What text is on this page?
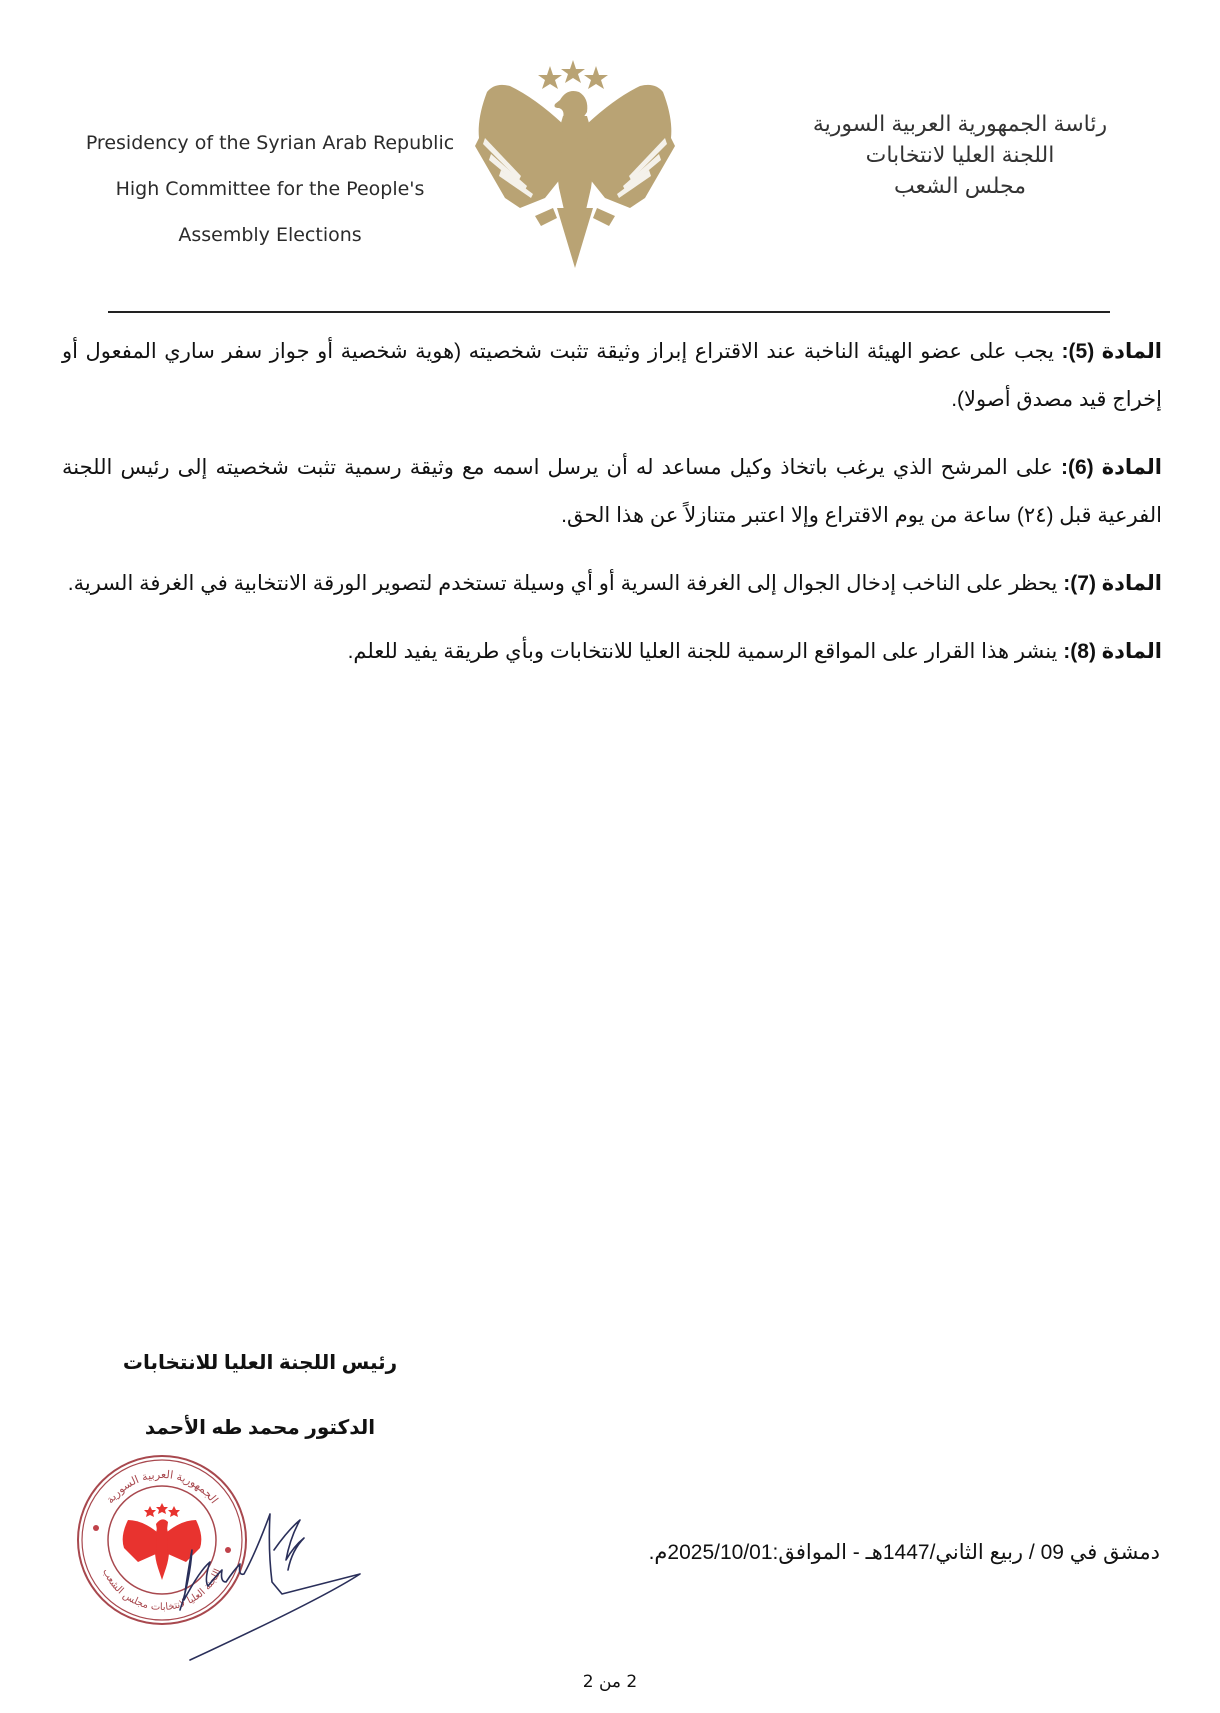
Presidency of the Syrian Arab Republic
High Committee for the People's
Assembly Elections
رئاسة الجمهورية العربية السورية
اللجنة العليا لانتخابات
مجلس الشعب

المادة (5): يجب على عضو الهيئة الناخبة عند الاقتراع إبراز وثيقة تثبت شخصيته (هوية شخصية أو جواز سفر ساري المفعول أو إخراج قيد مصدق أصولا).

المادة (6): على المرشح الذي يرغب باتخاذ وكيل مساعد له أن يرسل اسمه مع وثيقة رسمية تثبت شخصيته إلى رئيس اللجنة الفرعية قبل (٢٤) ساعة من يوم الاقتراع وإلا اعتبر متنازلاً عن هذا الحق.

المادة (7): يحظر على الناخب إدخال الجوال إلى الغرفة السرية أو أي وسيلة تستخدم لتصوير الورقة الانتخابية في الغرفة السرية.

المادة (8): ينشر هذا القرار على المواقع الرسمية للجنة العليا للانتخابات وبأي طريقة يفيد للعلم.

رئيس اللجنة العليا للانتخابات
الدكتور محمد طه الأحمد
الجمهورية العربية السورية
اللجنة العليا لانتخابات مجلس الشعب
دمشق في 09 / ربيع الثاني/1447هـ - الموافق:2025/10/01م.
2 من 2
